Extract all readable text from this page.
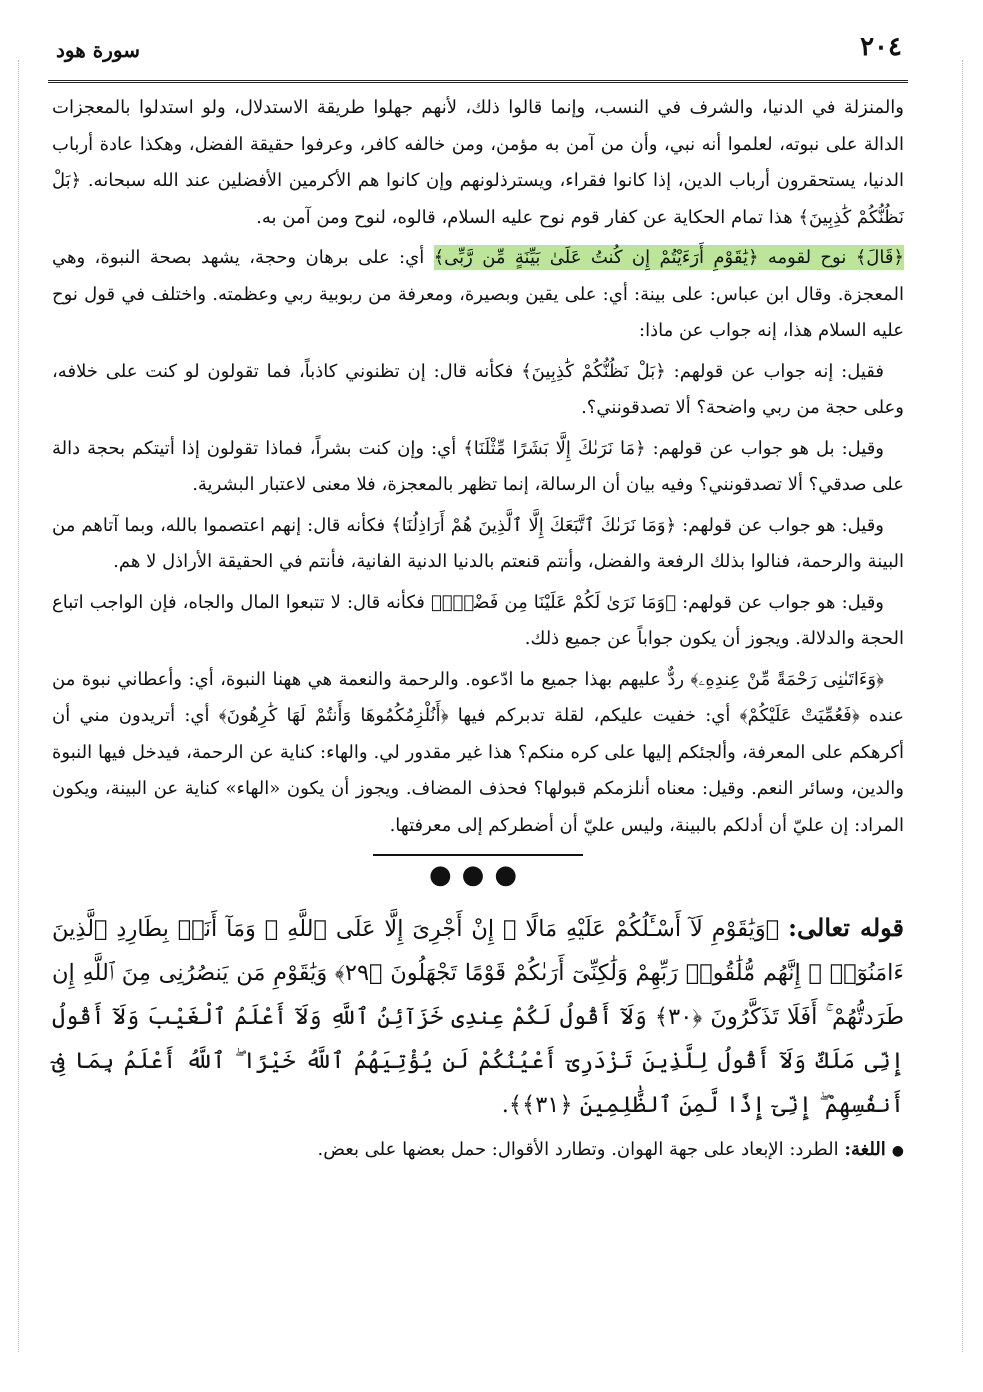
٢٠٤
سورة هود

والمنزلة في الدنيا، والشرف في النسب، وإنما قالوا ذلك، لأنهم جهلوا طريقة الاستدلال، ولو استدلوا بالمعجزات الدالة على نبوته، لعلموا أنه نبي، وأن من آمن به مؤمن، ومن خالفه كافر، وعرفوا حقيقة الفضل، وهكذا عادة أرباب الدنيا، يستحقرون أرباب الدين، إذا كانوا فقراء، ويسترذلونهم وإن كانوا هم الأكرمين الأفضلين عند الله سبحانه. ﴿بَلْ نَظُنُّكُمْ كَٰذِبِينَ﴾ هذا تمام الحكاية عن كفار قوم نوح عليه السلام، قالوه، لنوح ومن آمن به.

﴿قَالَ﴾ نوح لقومه ﴿يَٰقَوْمِ أَرَءَيْتُمْ إِن كُنتُ عَلَىٰ بَيِّنَةٍ مِّن رَّبِّى﴾ أي: على برهان وحجة، يشهد بصحة النبوة، وهي المعجزة. وقال ابن عباس: على بينة: أي: على يقين وبصيرة، ومعرفة من ربوبية ربي وعظمته. واختلف في قول نوح عليه السلام هذا، إنه جواب عن ماذا:

فقيل: إنه جواب عن قولهم: ﴿بَلْ نَظُنُّكُمْ كَٰذِبِينَ﴾ فكأنه قال: إن تظنوني كاذباً، فما تقولون لو كنت على خلافه، وعلى حجة من ربي واضحة؟ ألا تصدقونني؟.

وقيل: بل هو جواب عن قولهم: ﴿مَا نَرَىٰكَ إِلَّا بَشَرًا مِّثْلَنَا﴾ أي: وإن كنت بشراً، فماذا تقولون إذا أتيتكم بحجة دالة على صدقي؟ ألا تصدقونني؟ وفيه بيان أن الرسالة، إنما تظهر بالمعجزة، فلا معنى لاعتبار البشرية.

وقيل: هو جواب عن قولهم: ﴿وَمَا نَرَىٰكَ ٱتَّبَعَكَ إِلَّا ٱلَّذِينَ هُمْ أَرَاذِلُنَا﴾ فكأنه قال: إنهم اعتصموا بالله، وبما آتاهم من البينة والرحمة، فنالوا بذلك الرفعة والفضل، وأنتم قنعتم بالدنيا الدنية الفانية، فأنتم في الحقيقة الأراذل لا هم.

وقيل: هو جواب عن قولهم: ﴿وَمَا نَرَىٰ لَكُمْ عَلَيْنَا مِن فَضْلٍۭ﴾ فكأنه قال: لا تتبعوا المال والجاه، فإن الواجب اتباع الحجة والدلالة. ويجوز أن يكون جواباً عن جميع ذلك.

﴿وَءَاتَىٰنِى رَحْمَةً مِّنْ عِندِهِۦ﴾ ردٌّ عليهم بهذا جميع ما ادّعوه. والرحمة والنعمة هي ههنا النبوة، أي: وأعطاني نبوة من عنده ﴿فَعُمِّيَتْ عَلَيْكُمْ﴾ أي: خفيت عليكم، لقلة تدبركم فيها ﴿أَنُلْزِمُكُمُوهَا وَأَنتُمْ لَهَا كَٰرِهُونَ﴾ أي: أتريدون مني أن أكرهكم على المعرفة، وألجئكم إليها على كره منكم؟ هذا غير مقدور لي. والهاء: كناية عن الرحمة، فيدخل فيها النبوة والدين، وسائر النعم. وقيل: معناه أنلزمكم قبولها؟ فحذف المضاف. ويجوز أن يكون «الهاء» كناية عن البينة، ويكون المراد: إن عليّ أن أدلكم بالبينة، وليس عليّ أن أضطركم إلى معرفتها.

●●●

قوله تعالى: ﴿وَيَٰقَوْمِ لَآ أَسْـَٔلُكُمْ عَلَيْهِ مَالًا ۖ إِنْ أَجْرِىَ إِلَّا عَلَى ٱللَّهِ ۚ وَمَآ أَنَا۠ بِطَارِدِ ٱلَّذِينَ ءَامَنُوٓا۟ ۚ إِنَّهُم مُّلَٰقُوا۟ رَبِّهِمْ وَلَٰكِنِّىٓ أَرَىٰكُمْ قَوْمًا تَجْهَلُونَ ﴿٢٩﴾ وَيَٰقَوْمِ مَن يَنصُرُنِى مِنَ ٱللَّهِ إِن طَرَدتُّهُمْ ۚ أَفَلَا تَذَكَّرُونَ ﴿٣٠﴾ وَلَآ أَقُولُ لَكُمْ عِندِى خَزَآئِنُ ٱللَّهِ وَلَآ أَعْلَمُ ٱلْغَيْبَ وَلَآ أَقُولُ إِنِّى مَلَكٌ وَلَآ أَقُولُ لِلَّذِينَ تَزْدَرِىٓ أَعْيُنُكُمْ لَن يُؤْتِيَهُمُ ٱللَّهُ خَيْرًا ۖ ٱللَّهُ أَعْلَمُ بِمَا فِىٓ أَنفُسِهِمْ ۖ إِنِّىٓ إِذًا لَّمِنَ ٱلظَّٰلِمِينَ ﴿٣١﴾﴾.

●اللغة: الطرد: الإبعاد على جهة الهوان. وتطارد الأقوال: حمل بعضها على بعض.
